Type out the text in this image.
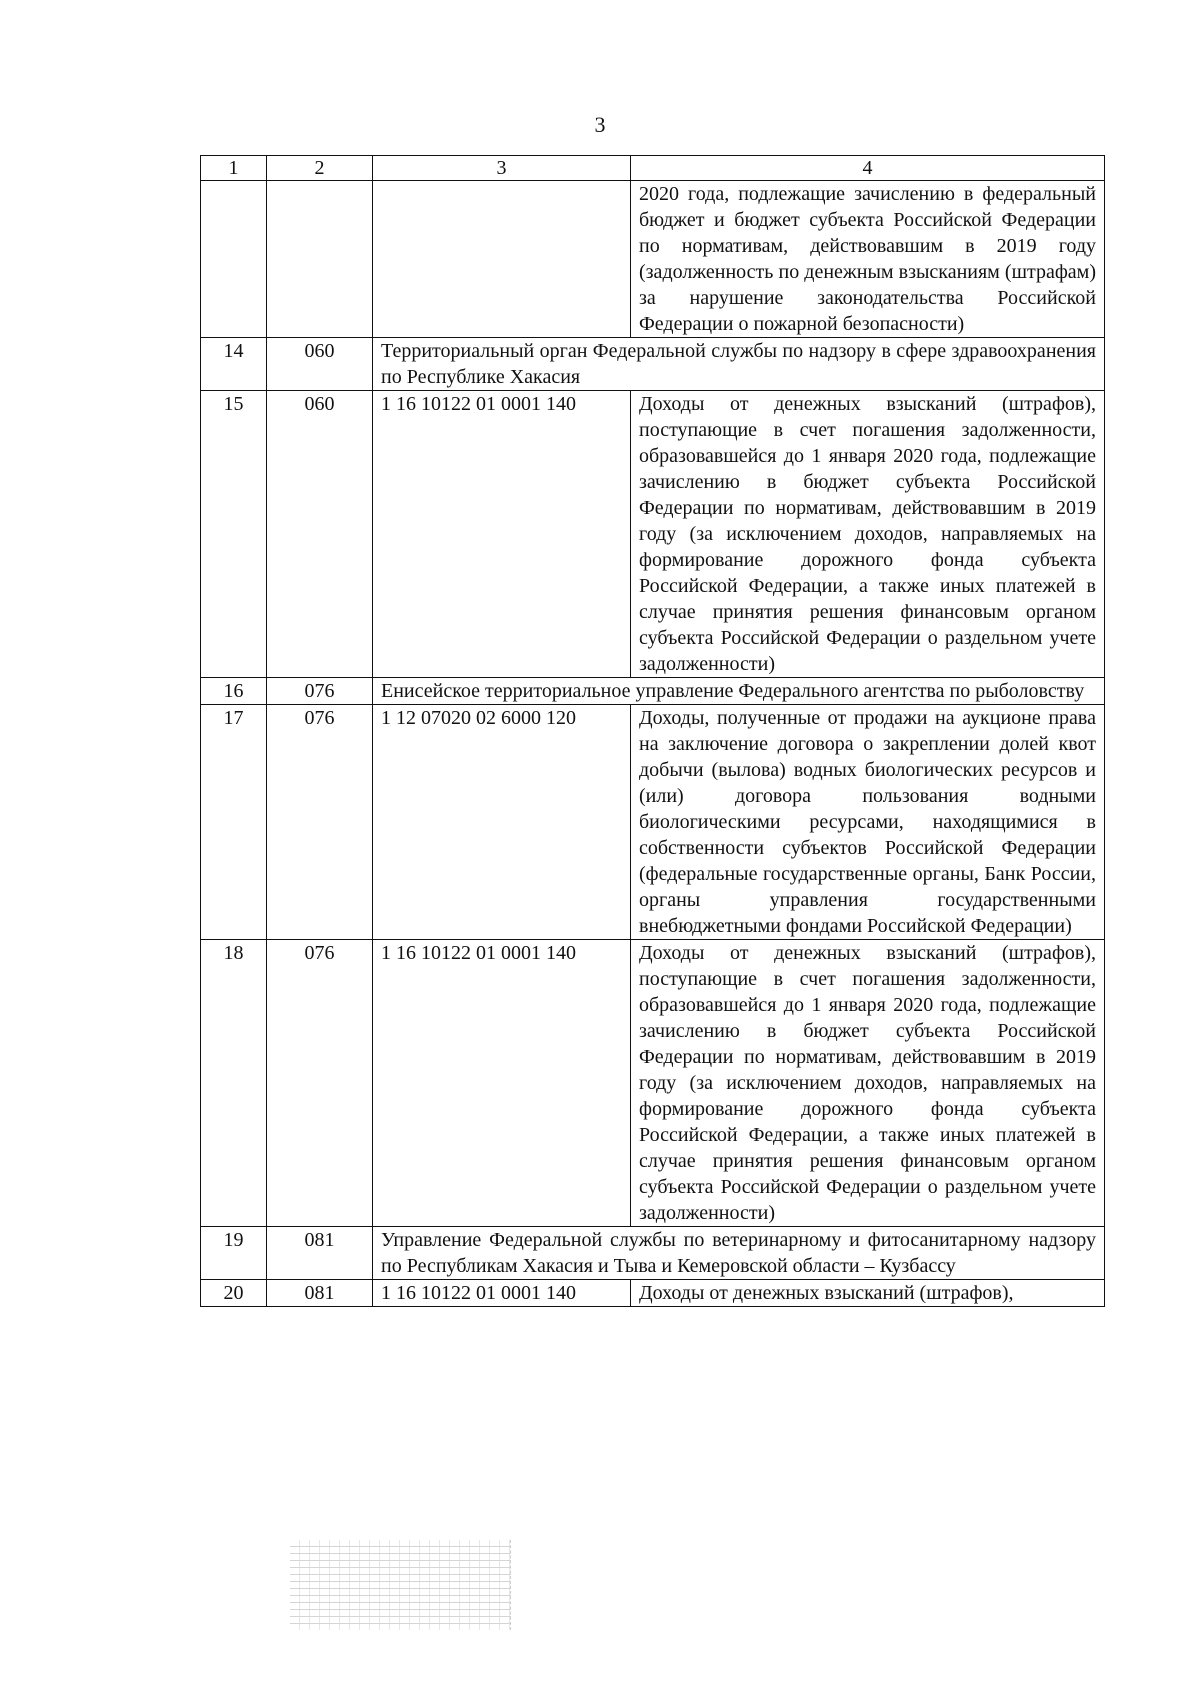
3
1	2	3	4
			2020 года, подлежащие зачислению в федеральный бюджет и бюджет субъекта Российской Федерации по нормативам, действовавшим в 2019 году (задолженность по денежным взысканиям (штрафам) за нарушение законодательства Российской Федерации о пожарной безопасности)
14	060	Территориальный орган Федеральной службы по надзору в сфере здравоохранения по Республике Хакасия	
15	060	1 16 10122 01 0001 140	Доходы от денежных взысканий (штрафов), поступающие в счет погашения задолженности, образовавшейся до 1 января 2020 года, подлежащие зачислению в бюджет субъекта Российской Федерации по нормативам, действовавшим в 2019 году (за исключением доходов, направляемых на формирование дорожного фонда субъекта Российской Федерации, а также иных платежей в случае принятия решения финансовым органом субъекта Российской Федерации о раздельном учете задолженности)
16	076	Енисейское территориальное управление Федерального агентства по рыболовству	
17	076	1 12 07020 02 6000 120	Доходы, полученные от продажи на аукционе права на заключение договора о закреплении долей квот добычи (вылова) водных биологических ресурсов и (или) договора пользования водными биологическими ресурсами, находящимися в собственности субъектов Российской Федерации (федеральные государственные органы, Банк России, органы управления государственными внебюджетными фондами Российской Федерации)
18	076	1 16 10122 01 0001 140	Доходы от денежных взысканий (штрафов), поступающие в счет погашения задолженности, образовавшейся до 1 января 2020 года, подлежащие зачислению в бюджет субъекта Российской Федерации по нормативам, действовавшим в 2019 году (за исключением доходов, направляемых на формирование дорожного фонда субъекта Российской Федерации, а также иных платежей в случае принятия решения финансовым органом субъекта Российской Федерации о раздельном учете задолженности)
19	081	Управление Федеральной службы по ветеринарному и фитосанитарному надзору по Республикам Хакасия и Тыва и Кемеровской области – Кузбассу	
20	081	1 16 10122 01 0001 140	Доходы от денежных взысканий (штрафов),
